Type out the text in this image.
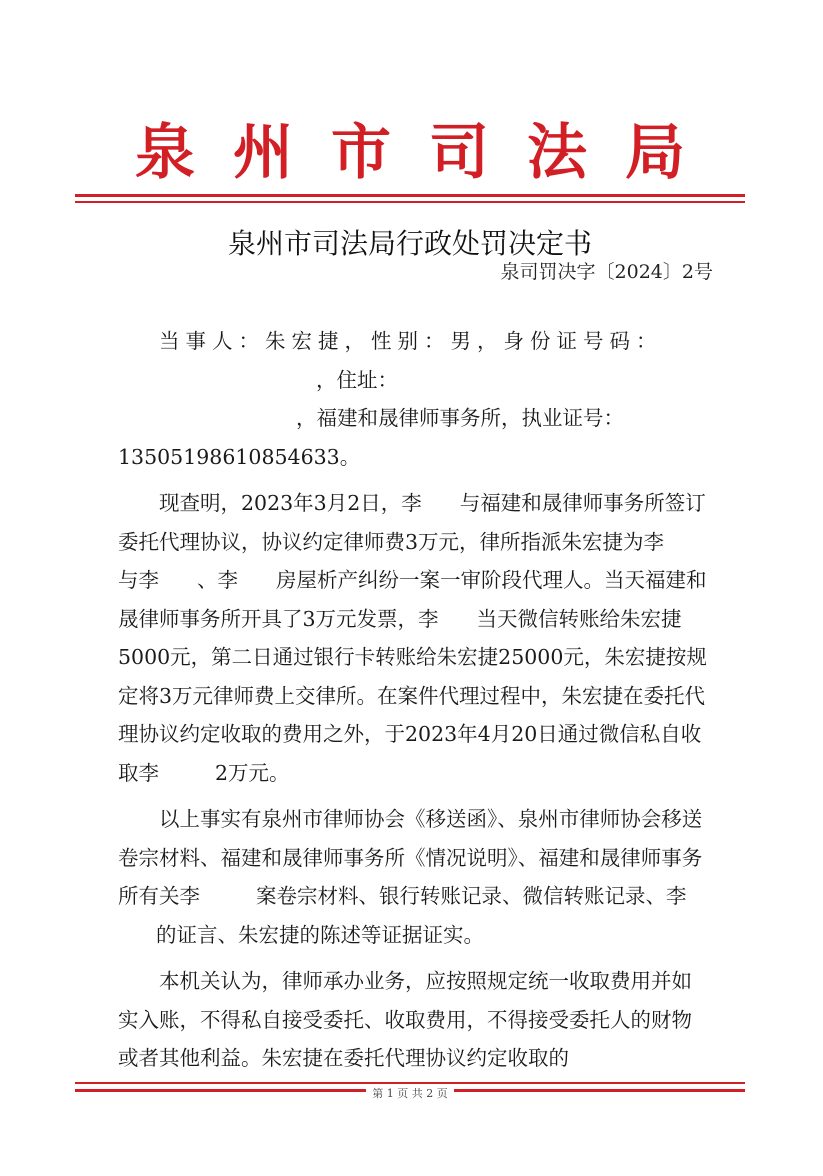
泉州市司法局
泉州市司法局行政处罚决定书
泉司罚决字〔2024〕2号

当事人：朱宏捷，性别：男，身份证号码：

，住址：

，福建和晟律师事务所，执业证号：

13505198610854633。

现查明，2023年3月2日，李 与福建和晟律师事务所签订委托代理协议，协议约定律师费3万元，律所指派朱宏捷为李与李 、李 房屋析产纠纷一案一审阶段代理人。当天福建和晟律师事务所开具了3万元发票，李 当天微信转账给朱宏捷5000元，第二日通过银行卡转账给朱宏捷25000元，朱宏捷按规定将3万元律师费上交律所。在案件代理过程中，朱宏捷在委托代理协议约定收取的费用之外，于2023年4月20日通过微信私自收取李	2万元。

以上事实有泉州市律师协会《移送函》、泉州市律师协会移送卷宗材料、福建和晟律师事务所《情况说明》、福建和晟律师事务所有关李	案卷宗材料、银行转账记录、微信转账记录、李的证言、朱宏捷的陈述等证据证实。

本机关认为，律师承办业务，应按照规定统一收取费用并如实入账，不得私自接受委托、收取费用，不得接受委托人的财物或者其他利益。朱宏捷在委托代理协议约定收取的

第 1 页 共 2 页
